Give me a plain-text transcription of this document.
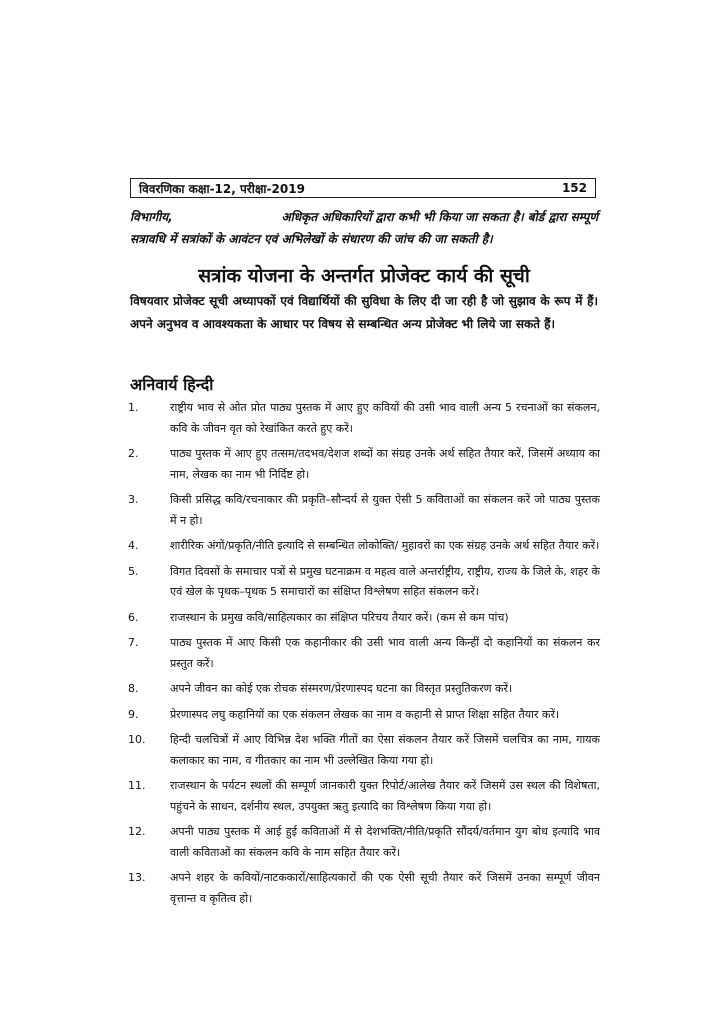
विवरणिका कक्षा-12, परीक्षा-2019	152
विभागीय,	अधिकृत अधिकारियों द्वारा कभी भी किया जा सकता है। बोर्ड द्वारा सम्पूर्ण
सत्रावधि में सत्रांकों के आवंटन एवं अभिलेखों के संधारण की जांच की जा सकती है।
सत्रांक योजना के अन्तर्गत प्रोजेक्ट कार्य की सूची
विषयवार प्रोजेक्ट सूची अध्यापकों एवं विद्यार्थियों की सुविधा के लिए दी जा रही है जो सुझाव के रूप में हैं। अपने अनुभव व आवश्यकता के आधार पर विषय से सम्बन्धित अन्य प्रोजेक्ट भी लिये जा सकते हैं।
अनिवार्य हिन्दी
1.	राष्ट्रीय भाव से ओत प्रोत पाठ्य पुस्तक में आए हुए कवियों की उसी भाव वाली अन्य 5 रचनाओं का संकलन, कवि के जीवन वृत को रेखांकित करते हुए करें।
2.	पाठ्य पुस्तक में आए हुए तत्सम/तदभव/देशज शब्दों का संग्रह उनके अर्थ सहित तैयार करें, जिसमें अध्याय का नाम, लेखक का नाम भी निर्दिष्ट हो।
3.	किसी प्रसिद्ध कवि/रचनाकार की प्रकृति–सौन्दर्य से युक्त ऐसी 5 कविताओं का संकलन करें जो पाठ्य पुस्तक में न हो।
4.	शारीरिक अंगों/प्रकृति/नीति इत्यादि से सम्बन्धित लोकोक्ति/ मुहावरों का एक संग्रह उनके अर्थ सहित तैयार करें।
5.	विगत दिवसों के समाचार पत्रों से प्रमुख घटनाक्रम व महत्व वाले अन्तर्राष्ट्रीय, राष्ट्रीय, राज्य के जिले के, शहर के एवं खेल के पृथक–पृथक 5 समाचारों का संक्षिप्त विश्लेषण सहित संकलन करें।
6.	राजस्थान के प्रमुख कवि/साहित्यकार का संक्षिप्त परिचय तैयार करें। (कम से कम पांच)
7.	पाठ्य पुस्तक में आए किसी एक कहानीकार की उसी भाव वाली अन्य किन्हीं दो कहानियों का संकलन कर प्रस्तुत करें।
8.	अपने जीवन का कोई एक रोचक संस्मरण/प्रेरणास्पद घटना का विस्तृत प्रस्तुतिकरण करें।
9.	प्रेरणास्पद लघु कहानियों का एक संकलन लेखक का नाम व कहानी से प्राप्त शिक्षा सहित तैयार करें।
10.	हिन्दी चलचित्रों में आए विभिन्न देश भक्ति गीतों का ऐसा संकलन तैयार करें जिसमें चलचित्र का नाम, गायक कलाकार का नाम, व गीतकार का नाम भी उल्लेखित किया गया हो।
11.	राजस्थान के पर्यटन स्थलों की सम्पूर्ण जानकारी युक्त रिपोर्ट/आलेख तैयार करें जिसमें उस स्थल की विशेषता, पहुंचने के साधन, दर्शनीय स्थल, उपयुक्त ऋतु इत्यादि का विश्लेषण किया गया हो।
12.	अपनी पाठ्य पुस्तक में आई हुई कविताओं में से देशभक्ति/नीति/प्रकृति सौंदर्य/वर्तमान युग बोध इत्यादि भाव वाली कविताओं का संकलन कवि के नाम सहित तैयार करें।
13.	अपने शहर के कवियों/नाटककारों/साहित्यकारों की एक ऐसी सूची तैयार करें जिसमें उनका सम्पूर्ण जीवन वृत्तान्त व कृतित्व हो।
